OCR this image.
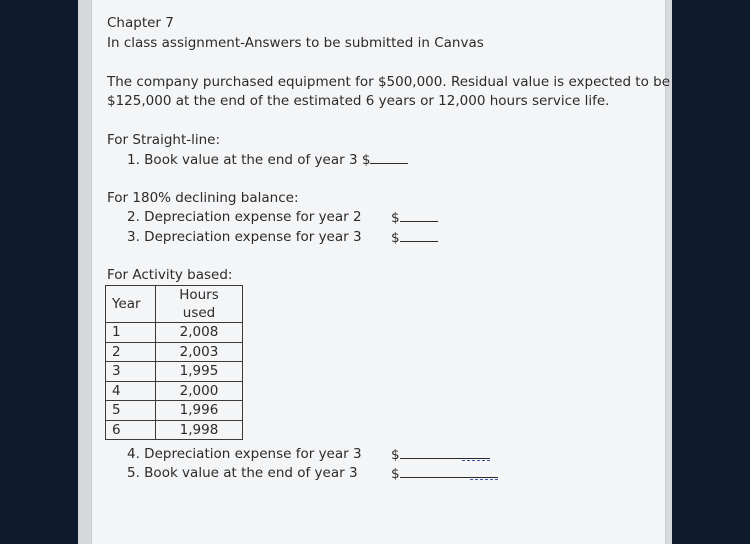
Chapter 7
In class assignment-Answers to be submitted in Canvas
The company purchased equipment for $500,000. Residual value is expected to be
$125,000 at the end of the estimated 6 years or 12,000 hours service life.
For Straight-line:
1. Book value at the end of year 3 $
For 180% declining balance:
2. Depreciation expense for year 2 $
3. Depreciation expense for year 3 $
For Activity based:
Year	Hours used
1	2,008
2	2,003
3	1,995
4	2,000
5	1,996
6	1,998
4. Depreciation expense for year 3 $
5. Book value at the end of year 3 $
